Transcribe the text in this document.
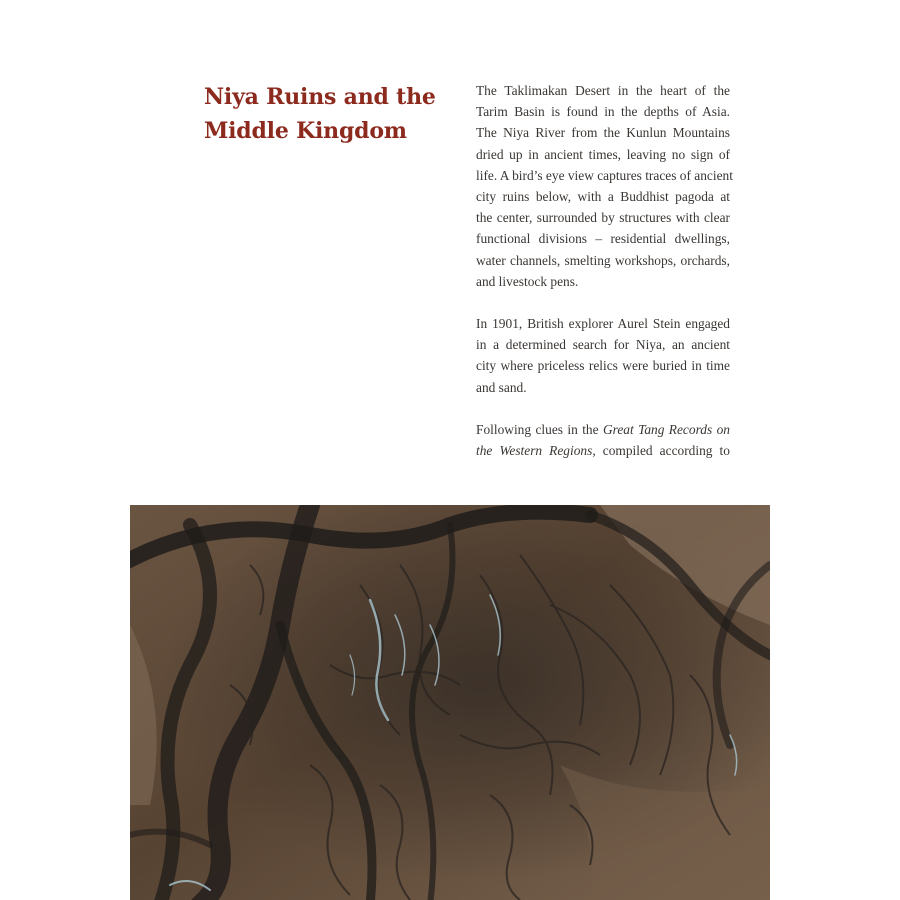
Niya Ruins and the
Middle Kingdom

The Taklimakan Desert in the heart of the
Tarim Basin is found in the depths of Asia.
The Niya River from the Kunlun Mountains
dried up in ancient times, leaving no sign of
life. A bird’s eye view captures traces of ancient
city ruins below, with a Buddhist pagoda at
the center, surrounded by structures with clear
functional divisions – residential dwellings,
water channels, smelting workshops, orchards,
and livestock pens.

In 1901, British explorer Aurel Stein engaged
in a determined search for Niya, an ancient
city where priceless relics were buried in time
and sand.

Following clues in the Great Tang Records on
the Western Regions, compiled according to
